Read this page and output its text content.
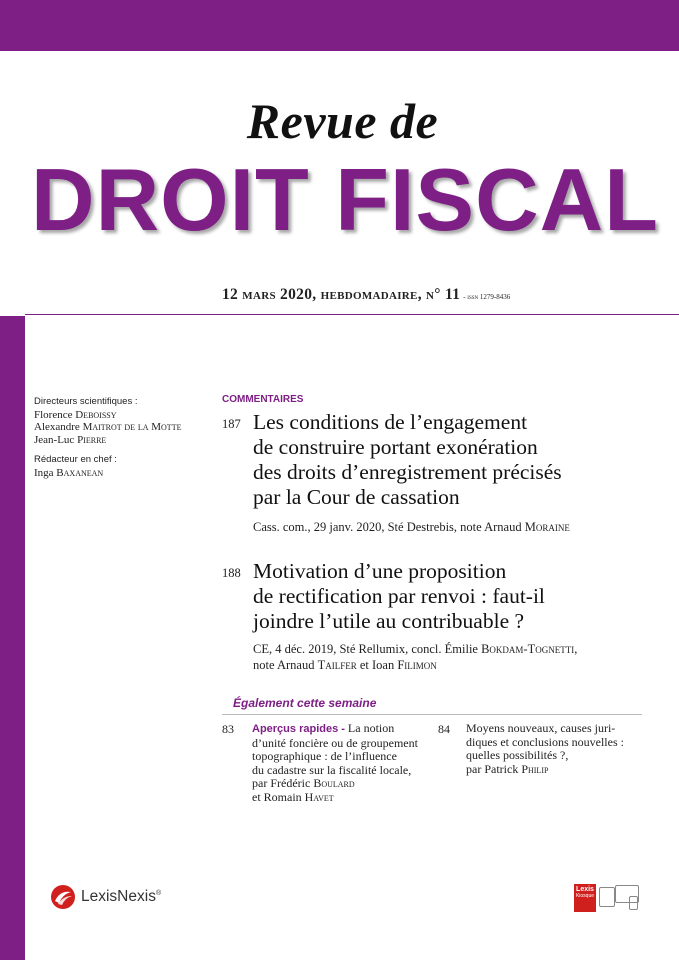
Revue de
DROIT FISCAL
12 mars 2020, hebdomadaire, n° 11 - issn 1279-8436
Directeurs scientifiques :
Florence Deboissy
Alexandre Maitrot de la Motte
Jean-Luc Pierre
Rédacteur en chef :
Inga Baxanean
COMMENTAIRES
187 Les conditions de l’engagement
de construire portant exonération
des droits d’enregistrement précisés
par la Cour de cassation
Cass. com., 29 janv. 2020, Sté Destrebis, note Arnaud Moraine
188 Motivation d’une proposition
de rectification par renvoi : faut-il
joindre l’utile au contribuable ?
CE, 4 déc. 2019, Sté Rellumix, concl. Émilie Bokdam-Tognetti,
note Arnaud Tailfer et Ioan Filimon
Également cette semaine
83 Aperçus rapides - La notion
d’unité foncière ou de groupement
topographique : de l’influence
du cadastre sur la fiscalité locale,
par Frédéric Boulard
et Romain Havet
84 Moyens nouveaux, causes juri-
diques et conclusions nouvelles :
quelles possibilités ?,
par Patrick Philip
LexisNexis®
Lexis
Kiosque
